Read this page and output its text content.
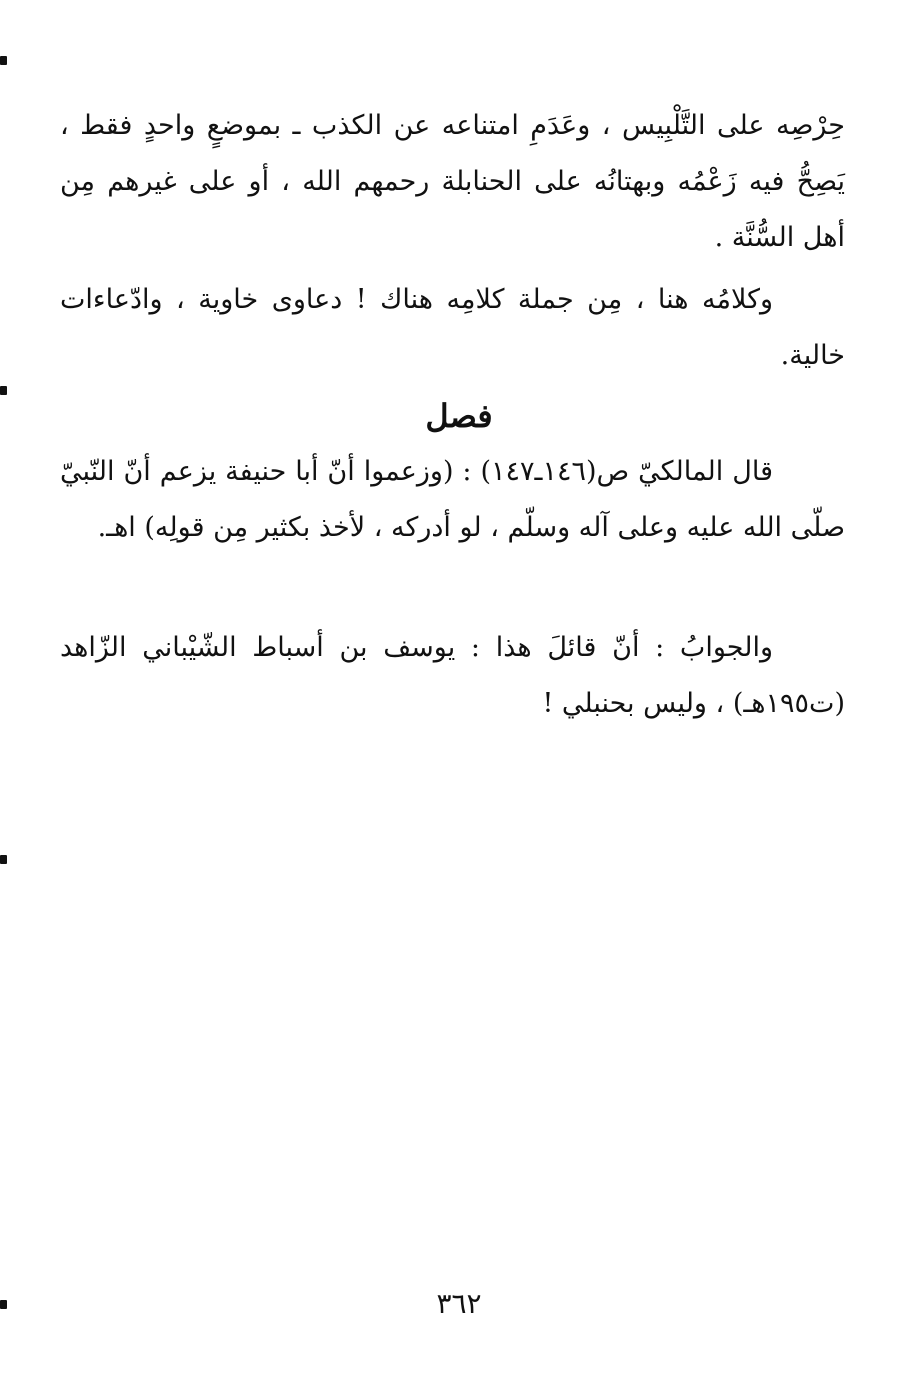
حِرْصِه على التَّلْبِيس ، وعَدَمِ امتناعه عن الكذب ـ بموضعٍ واحدٍ فقط ، يَصِحُّ فيه زَعْمُه وبهتانُه على الحنابلة رحمهم الله ، أو على غيرهم مِن أهل السُّنَّة .

وكلامُه هنا ، مِن جملة كلامِه هناك ! دعاوى خاوية ، وادّعاءات خالية.

فصل

قال المالكيّ ص(١٤٦ـ١٤٧) : (وزعموا أنّ أبا حنيفة يزعم أنّ النّبيّ صلّى الله عليه وعلى آله وسلّم ، لو أدركه ، لأخذ بكثير مِن قولِه) اهـ.

والجوابُ : أنّ قائلَ هذا : يوسف بن أسباط الشّيْباني الزّاهد (ت١٩٥هـ) ، وليس بحنبلي !

٣٦٢
